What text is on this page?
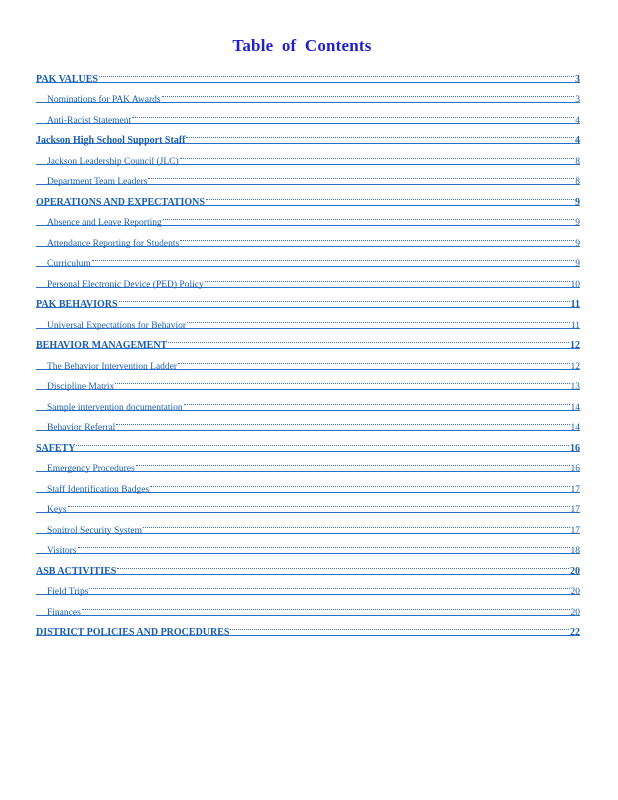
Table of Contents
PAK VALUES	3
Nominations for PAK Awards	3
Anti-Racist Statement	4
Jackson High School Support Staff	4
Jackson Leadership Council (JLC)	8
Department Team Leaders	8
OPERATIONS AND EXPECTATIONS	9
Absence and Leave Reporting	9
Attendance Reporting for Students	9
Curriculum	9
Personal Electronic Device (PED) Policy	10
PAK BEHAVIORS	11
Universal Expectations for Behavior	11
BEHAVIOR MANAGEMENT	12
The Behavior Intervention Ladder	12
Discipline Matrix	13
Sample intervention documentation	14
Behavior Referral	14
SAFETY	16
Emergency Procedures	16
Staff Identification Badges	17
Keys	17
Sonitrol Security System	17
Visitors	18
ASB ACTIVITIES	20
Field Trips	20
Finances	20
DISTRICT POLICIES AND PROCEDURES	22
